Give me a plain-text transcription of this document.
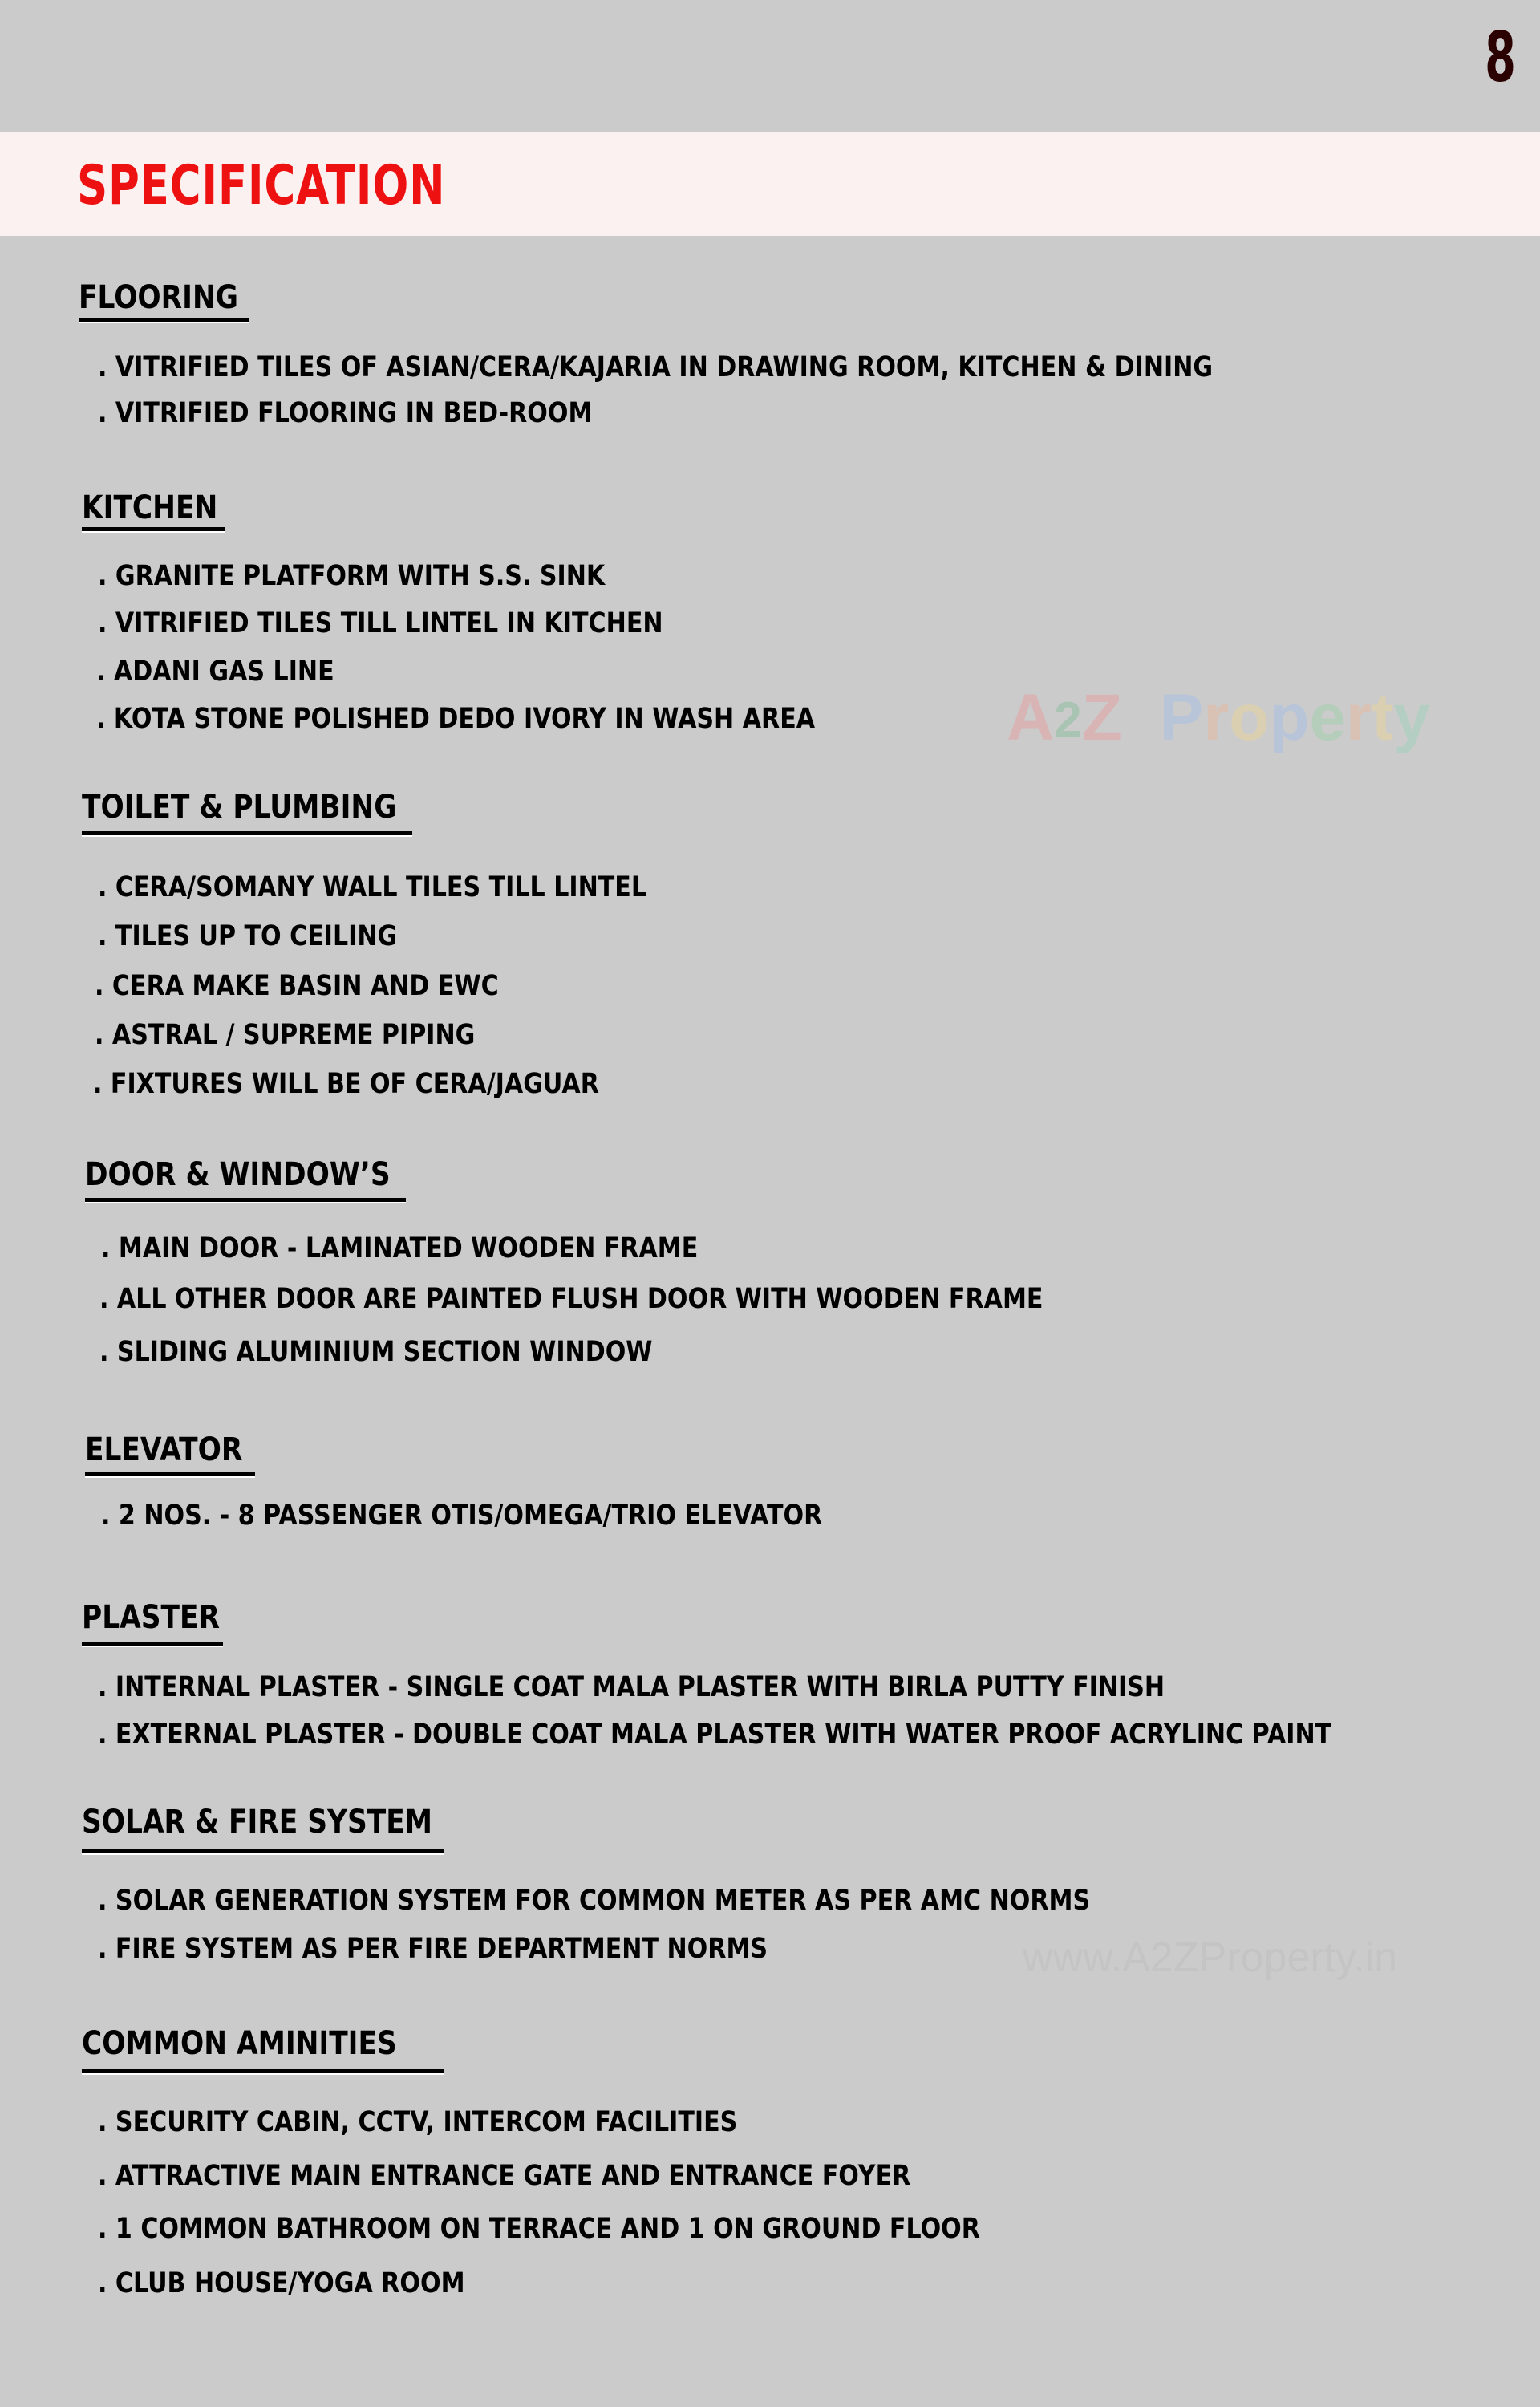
8
SPECIFICATION
FLOORING
. VITRIFIED TILES OF ASIAN/CERA/KAJARIA IN DRAWING ROOM, KITCHEN & DINING
. VITRIFIED FLOORING IN BED-ROOM
KITCHEN
. GRANITE PLATFORM WITH S.S. SINK
. VITRIFIED TILES TILL LINTEL IN KITCHEN
. ADANI GAS LINE
. KOTA STONE POLISHED DEDO IVORY IN WASH AREA
TOILET & PLUMBING
. CERA/SOMANY WALL TILES TILL LINTEL
. TILES UP TO CEILING
. CERA MAKE BASIN AND EWC
. ASTRAL / SUPREME PIPING
. FIXTURES WILL BE OF CERA/JAGUAR
DOOR & WINDOW’S
. MAIN DOOR - LAMINATED WOODEN FRAME
. ALL OTHER DOOR ARE PAINTED FLUSH DOOR WITH WOODEN FRAME
. SLIDING ALUMINIUM SECTION WINDOW
ELEVATOR
. 2 NOS. - 8 PASSENGER OTIS/OMEGA/TRIO ELEVATOR
PLASTER
. INTERNAL PLASTER - SINGLE COAT MALA PLASTER WITH BIRLA PUTTY FINISH
. EXTERNAL PLASTER - DOUBLE COAT MALA PLASTER WITH WATER PROOF ACRYLINC PAINT
SOLAR & FIRE SYSTEM
. SOLAR GENERATION SYSTEM FOR COMMON METER AS PER AMC NORMS
. FIRE SYSTEM AS PER FIRE DEPARTMENT NORMS
COMMON AMINITIES
. SECURITY CABIN, CCTV, INTERCOM FACILITIES
. ATTRACTIVE MAIN ENTRANCE GATE AND ENTRANCE FOYER
. 1 COMMON BATHROOM ON TERRACE AND 1 ON GROUND FLOOR
. CLUB HOUSE/YOGA ROOM
A2Z Property
www.A2ZProperty.in
